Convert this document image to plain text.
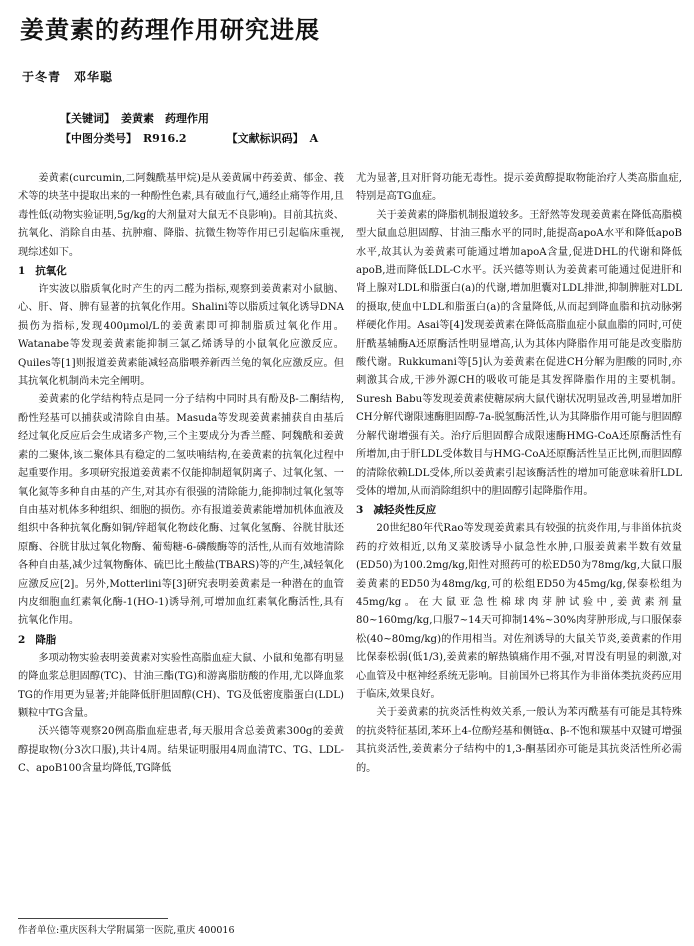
姜黄素的药理作用研究进展
于冬青　邓华聪
【关键词】 姜黄素　药理作用
【中图分类号】 R916.2	【文献标识码】 A

姜黄素(curcumin,二阿魏酰基甲烷)是从姜黄属中药姜黄、郁金、莪术等的块茎中提取出来的一种酚性色素,具有破血行气,通经止痛等作用,且毒性低(动物实验证明,5g/kg的大剂量对大鼠无不良影响)。目前其抗炎、抗氧化、消除自由基、抗肿瘤、降脂、抗微生物等作用已引起临床重视,现综述如下。

1 抗氧化

许实波以脂质氧化时产生的丙二醛为指标,观察到姜黄素对小鼠脑、心、肝、肾、脾有显著的抗氧化作用。Shalini等以脂质过氧化诱导DNA损伤为指标,发现400μmol/L的姜黄素即可抑制脂质过氧化作用。Watanabe等发现姜黄素能抑制三氯乙烯诱导的小鼠氧化应激反应。Quiles等[1]则报道姜黄素能减轻高脂喂养新西兰兔的氧化应激反应。但其抗氧化机制尚未完全阐明。

姜黄素的化学结构特点是同一分子结构中同时具有酚及β-二酮结构,酚性羟基可以捕获或清除自由基。Masuda等发现姜黄素捕获自由基后经过氧化反应后会生成诸多产物,三个主要成分为香兰醛、阿魏酰和姜黄素的二聚体,该二聚体具有稳定的二氢呋喃结构,在姜黄素的抗氧化过程中起重要作用。多项研究报道姜黄素不仅能抑制超氧阴离子、过氧化氢、一氧化氮等多种自由基的产生,对其亦有很强的清除能力,能抑制过氧化氢等自由基对机体多种组织、细胞的损伤。亦有报道姜黄素能增加机体血液及组织中各种抗氧化酶如铜/锌超氧化物歧化酶、过氧化氢酶、谷胱甘肽还原酶、谷胱甘肽过氧化物酶、葡萄糖-6-磷酸酶等的活性,从而有效地清除各种自由基,减少过氧物酶体、硫巴比土酸盐(TBARS)等的产生,减轻氧化应激反应[2]。另外,Motterlini等[3]研究表明姜黄素是一种潜在的血管内皮细胞血红素氧化酶-1(HO-1)诱导剂,可增加血红素氧化酶活性,具有抗氧化作用。

2 降脂

多项动物实验表明姜黄素对实验性高脂血症大鼠、小鼠和兔都有明显的降血浆总胆固醇(TC)、甘油三酯(TG)和游离脂肪酸的作用,尤以降血浆TG的作用更为显著;并能降低肝胆固醇(CH)、TG及低密度脂蛋白(LDL)颗粒中TG含量。

沃兴德等观察20例高脂血症患者,每天服用含总姜黄素300g的姜黄醇提取物(分3次口服),共计4周。结果证明服用4周血清TC、TG、LDL-C、apoB100含量均降低,TG降低

尤为显著,且对肝肾功能无毒性。提示姜黄醇提取物能治疗人类高脂血症,特别是高TG血症。

关于姜黄素的降脂机制报道较多。王舒然等发现姜黄素在降低高脂模型大鼠血总胆固醇、甘油三酯水平的同时,能提高apoA水平和降低apoB水平,故其认为姜黄素可能通过增加apoA含量,促进DHL的代谢和降低apoB,进而降低LDL-C水平。沃兴德等则认为姜黄素可能通过促进肝和肾上腺对LDL和脂蛋白(a)的代谢,增加胆囊对LDL排泄,抑制脾脏对LDL的摄取,使血中LDL和脂蛋白(a)的含量降低,从而起到降血脂和抗动脉粥样硬化作用。Asai等[4]发现姜黄素在降低高脂血症小鼠血脂的同时,可使肝酰基辅酶A还原酶活性明显增高,认为其体内降脂作用可能是改变脂肪酸代谢。Rukkumani等[5]认为姜黄素在促进CH分解为胆酸的同时,亦刺激其合成,干涉外源CH的吸收可能是其发挥降脂作用的主要机制。Suresh Babu等发现姜黄素使糖尿病大鼠代谢状况明显改善,明显增加肝CH分解代谢限速酶胆固醇-7a-脱氢酶活性,认为其降脂作用可能与胆固醇分解代谢增强有关。治疗后胆固醇合成限速酶HMG-CoA还原酶活性有所增加,由于肝LDL受体数目与HMG-CoA还原酶活性呈正比例,而胆固醇的清除依赖LDL受体,所以姜黄素引起该酶活性的增加可能意味着肝LDL受体的增加,从而消除组织中的胆固醇引起降脂作用。

3 减轻炎性反应

20世纪80年代Rao等发现姜黄素具有较强的抗炎作用,与非甾体抗炎药的疗效相近,以角叉菜胶诱导小鼠急性水肿,口服姜黄素半数有效量(ED50)为100.2mg/kg,阳性对照药可的松ED50为78mg/kg,大鼠口服姜黄素的ED50为48mg/kg,可的松组ED50为45mg/kg,保泰松组为45mg/kg。在大鼠亚急性棉球肉芽肿试验中,姜黄素剂量80~160mg/kg,口服7~14天可抑制14%~30%肉芽肿形成,与口服保泰松(40~80mg/kg)的作用相当。对佐剂诱导的大鼠关节炎,姜黄素的作用比保泰松弱(低1/3),姜黄素的解热镇痛作用不强,对胃没有明显的刺激,对心血管及中枢神经系统无影响。目前国外已将其作为非甾体类抗炎药应用于临床,效果良好。

关于姜黄素的抗炎活性构效关系,一般认为苯丙酰基有可能是其特殊的抗炎特征基团,苯环上4-位酚羟基和侧链α、β-不饱和羰基中双键可增强其抗炎活性,姜黄素分子结构中的1,3-酮基团亦可能是其抗炎活性所必需的。

作者单位:重庆医科大学附属第一医院,重庆 400016
